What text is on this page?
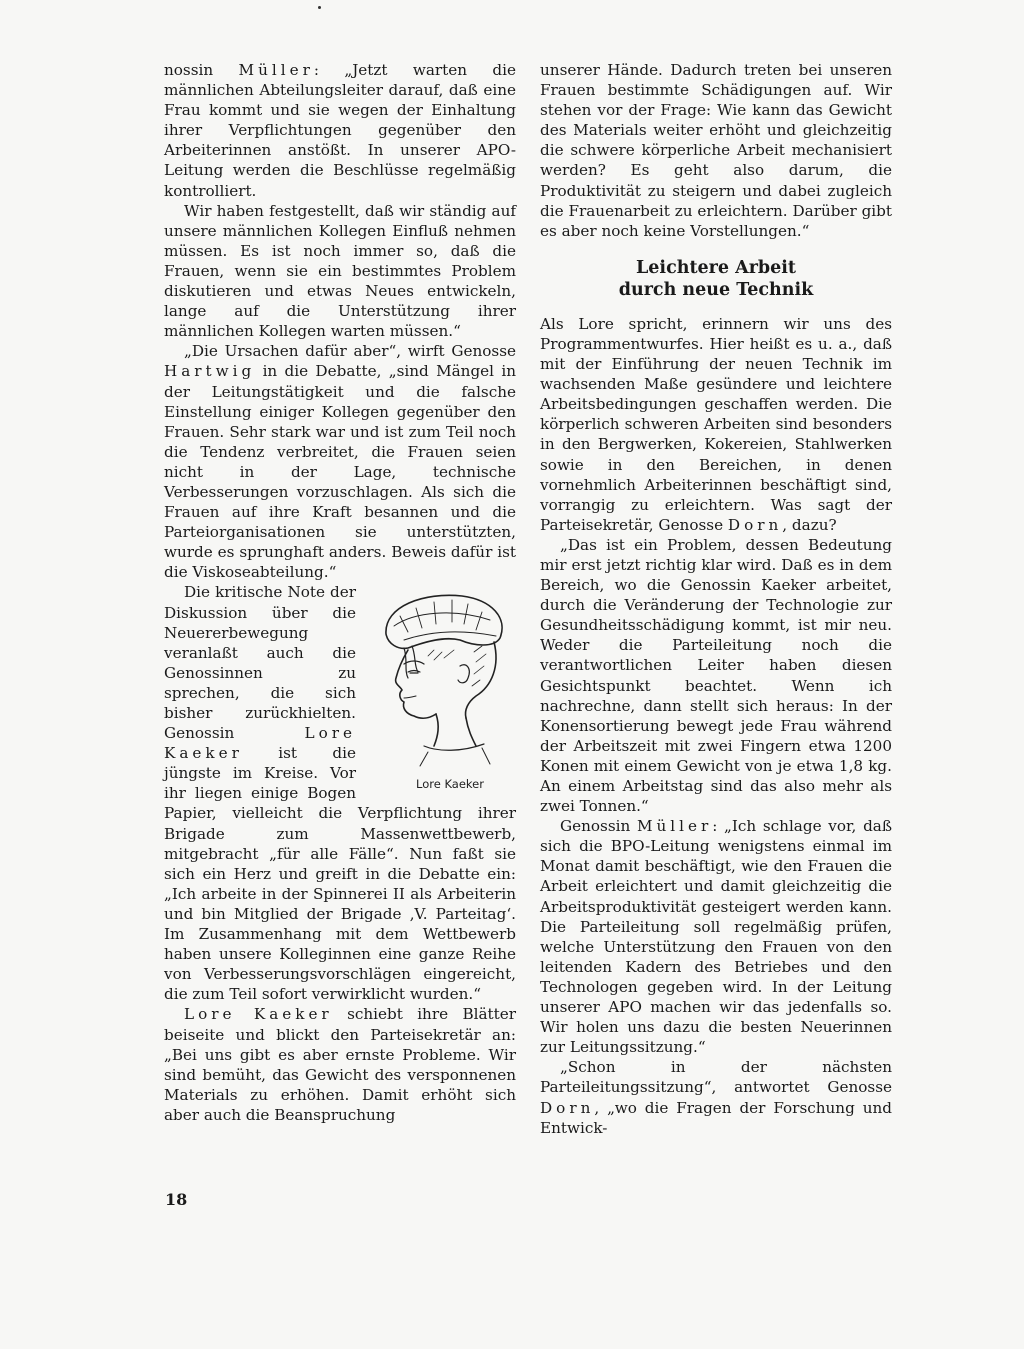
nossin Müller: „Jetzt warten die männlichen Abteilungsleiter darauf, daß eine Frau kommt und sie wegen der Einhaltung ihrer Verpflichtungen gegenüber den Arbeiterinnen anstößt. In unserer APO-Leitung werden die Beschlüsse regelmäßig kontrolliert.

Wir haben festgestellt, daß wir ständig auf unsere männlichen Kollegen Einfluß nehmen müssen. Es ist noch immer so, daß die Frauen, wenn sie ein bestimmtes Problem diskutieren und etwas Neues entwickeln, lange auf die Unterstützung ihrer männlichen Kollegen warten müssen.“

„Die Ursachen dafür aber“, wirft Genosse Hartwig in die Debatte, „sind Mängel in der Leitungstätigkeit und die falsche Einstellung einiger Kollegen gegenüber den Frauen. Sehr stark war und ist zum Teil noch die Tendenz verbreitet, die Frauen seien nicht in der Lage, technische Verbesserungen vorzuschlagen. Als sich die Frauen auf ihre Kraft besannen und die Parteiorganisationen sie unterstützten, wurde es sprunghaft anders. Beweis dafür ist die Viskoseabteilung.“

Lore Kaeker
Die kritische Note der Diskussion über die Neuererbewegung veranlaßt auch die Genossinnen zu sprechen, die sich bisher zurückhielten. Genossin Lore Kaeker ist die jüngste im Kreise. Vor ihr liegen einige Bogen Papier, vielleicht die Verpflichtung ihrer Brigade zum Massenwettbewerb, mitgebracht „für alle Fälle“. Nun faßt sie sich ein Herz und greift in die Debatte ein: „Ich arbeite in der Spinnerei II als Arbeiterin und bin Mitglied der Brigade ‚V. Parteitag‘. Im Zusammenhang mit dem Wettbewerb haben unsere Kolleginnen eine ganze Reihe von Verbesserungsvorschlägen eingereicht, die zum Teil sofort verwirklicht wurden.“

Lore Kaeker schiebt ihre Blätter beiseite und blickt den Parteisekretär an: „Bei uns gibt es aber ernste Probleme. Wir sind bemüht, das Gewicht des versponnenen Materials zu erhöhen. Damit erhöht sich aber auch die Beanspruchung

unserer Hände. Dadurch treten bei unseren Frauen bestimmte Schädigungen auf. Wir stehen vor der Frage: Wie kann das Gewicht des Materials weiter erhöht und gleichzeitig die schwere körperliche Arbeit mechanisiert werden? Es geht also darum, die Produktivität zu steigern und dabei zugleich die Frauenarbeit zu erleichtern. Darüber gibt es aber noch keine Vorstellungen.“

Leichtere Arbeit
durch neue Technik

Als Lore spricht, erinnern wir uns des Programmentwurfes. Hier heißt es u. a., daß mit der Einführung der neuen Technik im wachsenden Maße gesündere und leichtere Arbeitsbedingungen geschaffen werden. Die körperlich schweren Arbeiten sind besonders in den Bergwerken, Kokereien, Stahlwerken sowie in den Bereichen, in denen vornehmlich Arbeiterinnen beschäftigt sind, vorrangig zu erleichtern. Was sagt der Parteisekretär, Genosse Dorn, dazu?

„Das ist ein Problem, dessen Bedeutung mir erst jetzt richtig klar wird. Daß es in dem Bereich, wo die Genossin Kaeker arbeitet, durch die Veränderung der Technologie zur Gesundheitsschädigung kommt, ist mir neu. Weder die Parteileitung noch die verantwortlichen Leiter haben diesen Gesichtspunkt beachtet. Wenn ich nachrechne, dann stellt sich heraus: In der Konensortierung bewegt jede Frau während der Arbeitszeit mit zwei Fingern etwa 1200 Konen mit einem Gewicht von je etwa 1,8 kg. An einem Arbeitstag sind das also mehr als zwei Tonnen.“

Genossin Müller: „Ich schlage vor, daß sich die BPO-Leitung wenigstens einmal im Monat damit beschäftigt, wie den Frauen die Arbeit erleichtert und damit gleichzeitig die Arbeitsproduktivität gesteigert werden kann. Die Parteileitung soll regelmäßig prüfen, welche Unterstützung den Frauen von den leitenden Kadern des Betriebes und den Technologen gegeben wird. In der Leitung unserer APO machen wir das jedenfalls so. Wir holen uns dazu die besten Neuerinnen zur Leitungssitzung.“

„Schon in der nächsten Parteileitungssitzung“, antwortet Genosse Dorn, „wo die Fragen der Forschung und Entwick-

18
